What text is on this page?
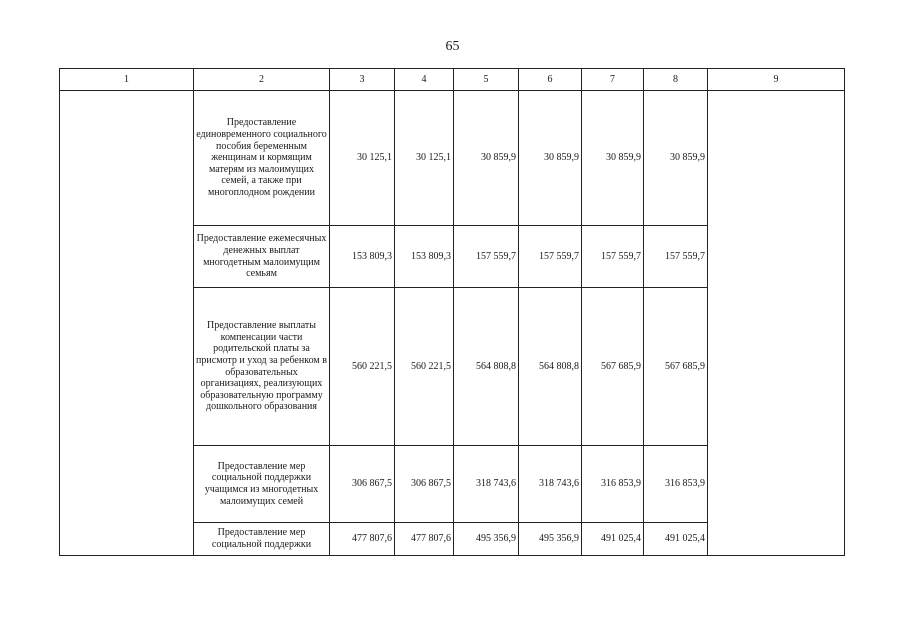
65
1	2	3	4	5	6	7	8	9
	Предоставление единовременного социального пособия беременным женщинам и кормящим матерям из малоимущих семей, а также при многоплодном рождении	30 125,1	30 125,1	30 859,9	30 859,9	30 859,9	30 859,9	
	Предоставление ежемесячных денежных выплат многодетным малоимущим семьям	153 809,3	153 809,3	157 559,7	157 559,7	157 559,7	157 559,7	
	Предоставление выплаты компенсации части родительской платы за присмотр и уход за ребенком в образовательных организациях, реализующих образовательную программу дошкольного образования	560 221,5	560 221,5	564 808,8	564 808,8	567 685,9	567 685,9	
	Предоставление мер социальной поддержки учащимся из многодетных малоимущих семей	306 867,5	306 867,5	318 743,6	318 743,6	316 853,9	316 853,9	
	Предоставление мер социальной поддержки	477 807,6	477 807,6	495 356,9	495 356,9	491 025,4	491 025,4	
